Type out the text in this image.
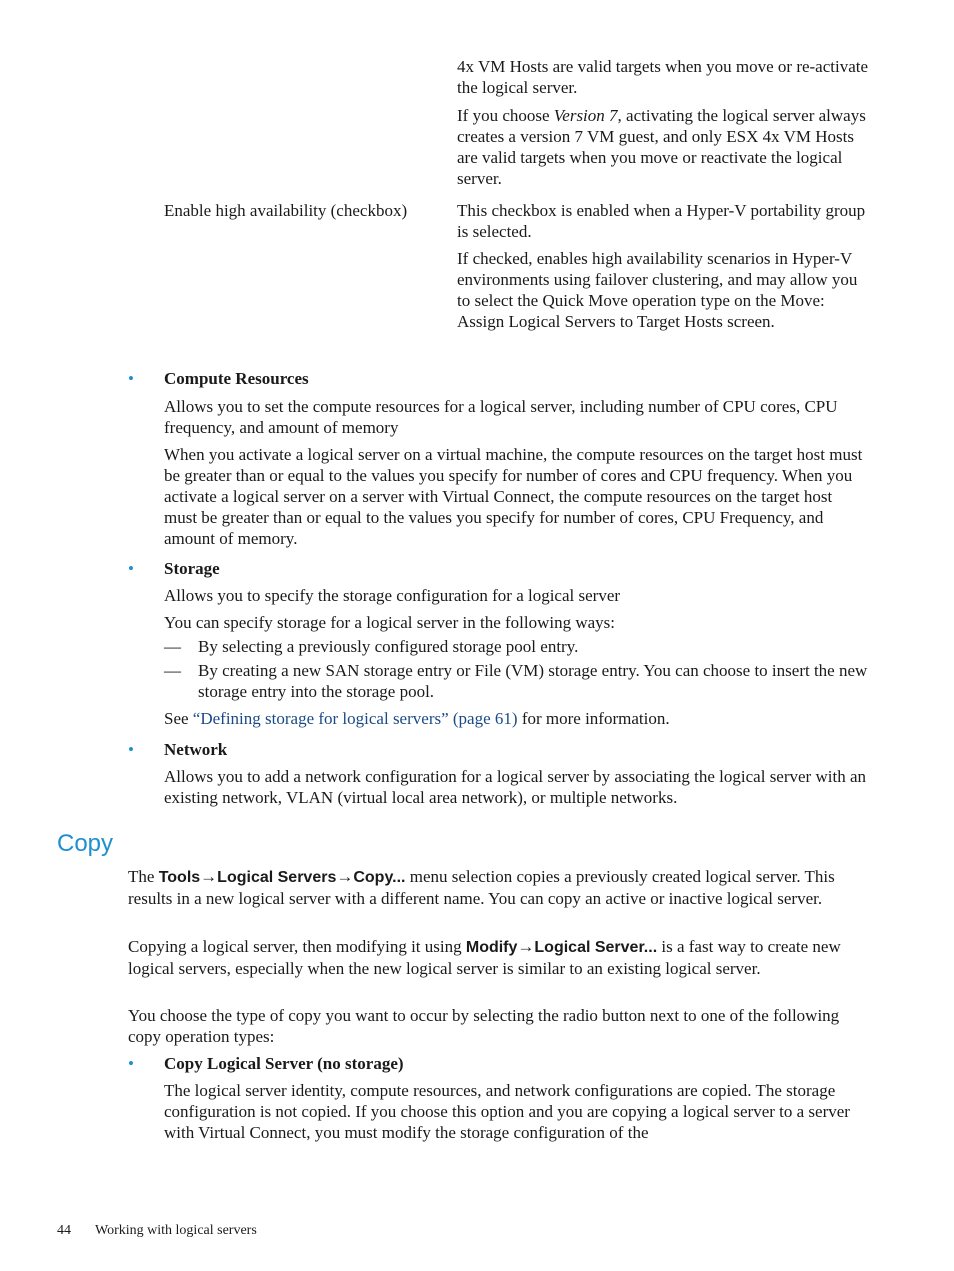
4x VM Hosts are valid targets when you move or re-activate the logical server.

If you choose Version 7, activating the logical server always creates a version 7 VM guest, and only ESX 4x VM Hosts are valid targets when you move or reactivate the logical server.

Enable high availability (checkbox)	This checkbox is enabled when a Hyper-V portability group is selected.

If checked, enables high availability scenarios in Hyper-V environments using failover clustering, and may allow you to select the Quick Move operation type on the Move: Assign Logical Servers to Target Hosts screen.

• Compute Resources
Allows you to set the compute resources for a logical server, including number of CPU cores, CPU frequency, and amount of memory
When you activate a logical server on a virtual machine, the compute resources on the target host must be greater than or equal to the values you specify for number of cores and CPU frequency. When you activate a logical server on a server with Virtual Connect, the compute resources on the target host must be greater than or equal to the values you specify for number of cores, CPU Frequency, and amount of memory.
• Storage
Allows you to specify the storage configuration for a logical server
You can specify storage for a logical server in the following ways:
— By selecting a previously configured storage pool entry.
— By creating a new SAN storage entry or File (VM) storage entry. You can choose to insert the new storage entry into the storage pool.
See “Defining storage for logical servers” (page 61) for more information.
• Network
Allows you to add a network configuration for a logical server by associating the logical server with an existing network, VLAN (virtual local area network), or multiple networks.
Copy
The Tools→Logical Servers→Copy... menu selection copies a previously created logical server. This results in a new logical server with a different name. You can copy an active or inactive logical server.
Copying a logical server, then modifying it using Modify→Logical Server... is a fast way to create new logical servers, especially when the new logical server is similar to an existing logical server.
You choose the type of copy you want to occur by selecting the radio button next to one of the following copy operation types:
• Copy Logical Server (no storage)
The logical server identity, compute resources, and network configurations are copied. The storage configuration is not copied. If you choose this option and you are copying a logical server to a server with Virtual Connect, you must modify the storage configuration of the
44 Working with logical servers
